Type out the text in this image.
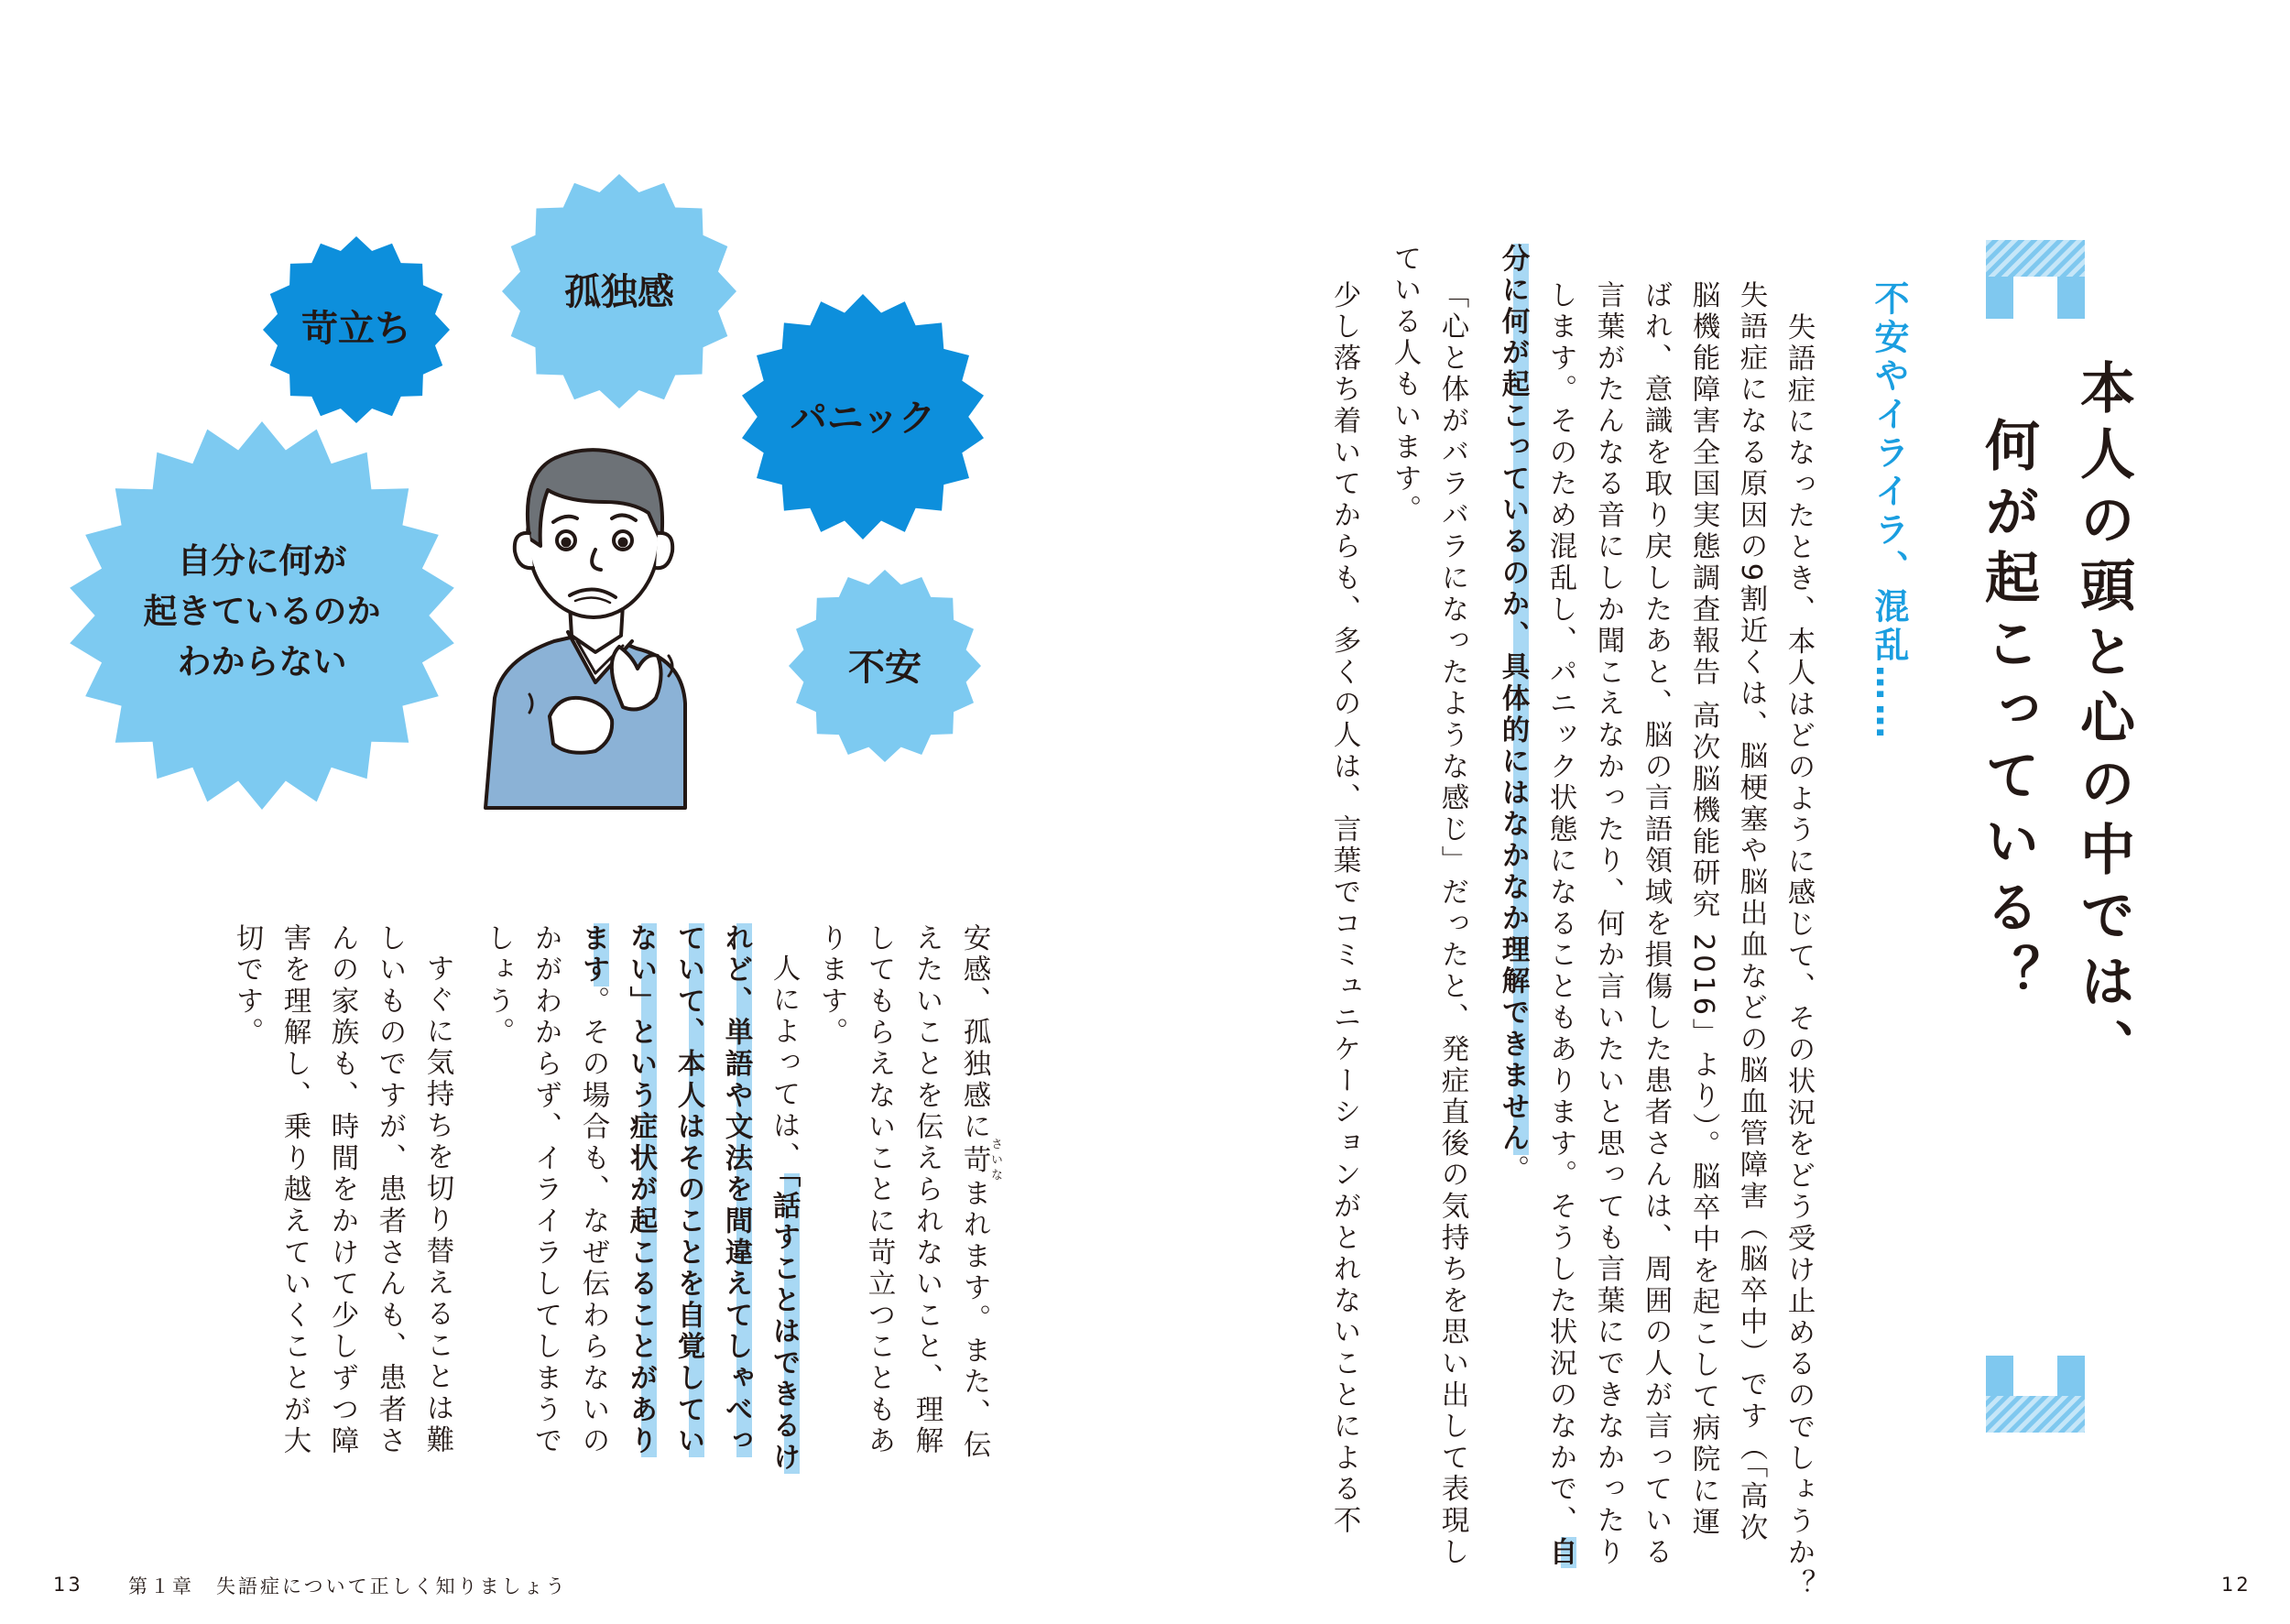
本人の頭と心の中では、
何が起こっている？
不安やイライラ、混乱……
失語症になったとき、本人はどのように感じて、その状況をどう受け止めるのでしょうか？
失語症になる原因の9割近くは、脳梗塞や脳出血などの脳血管障害（脳卒中）です（「高次
脳機能障害全国実態調査報告 高次脳機能研究 2016」より）。脳卒中を起こして病院に運
ばれ、意識を取り戻したあと、脳の言語領域を損傷した患者さんは、周囲の人が言っている
言葉がたんなる音にしか聞こえなかったり、何か言いたいと思っても言葉にできなかったり
します。そのため混乱し、パニック状態になることもあります。そうした状況のなかで、自
分に何が起こっているのか、具体的にはなかなか理解できません。
「心と体がバラバラになったような感じ」だったと、発症直後の気持ちを思い出して表現し
ている人もいます。
少し落ち着いてからも、多くの人は、言葉でコミュニケーションがとれないことによる不
安感、孤独感に苛さいなまれます。また、伝
えたいことを伝えられないこと、理解
してもらえないことに苛立つこともあ
ります。
人によっては、「話すことはできるけ
れど、単語や文法を間違えてしゃべっ
ていて、本人はそのことを自覚してい
ない」という症状が起こることがあり
ます。その場合も、なぜ伝わらないの
かがわからず、イライラしてしまうで
しょう。
すぐに気持ちを切り替えることは難
しいものですが、患者さんも、患者さ
んの家族も、時間をかけて少しずつ障
害を理解し、乗り越えていくことが大
切です。
苛立ち
孤独感
パニック
自分に何が
起きているのか
わからない	不安
13 第１章　失語症について正しく知りましょう	12
